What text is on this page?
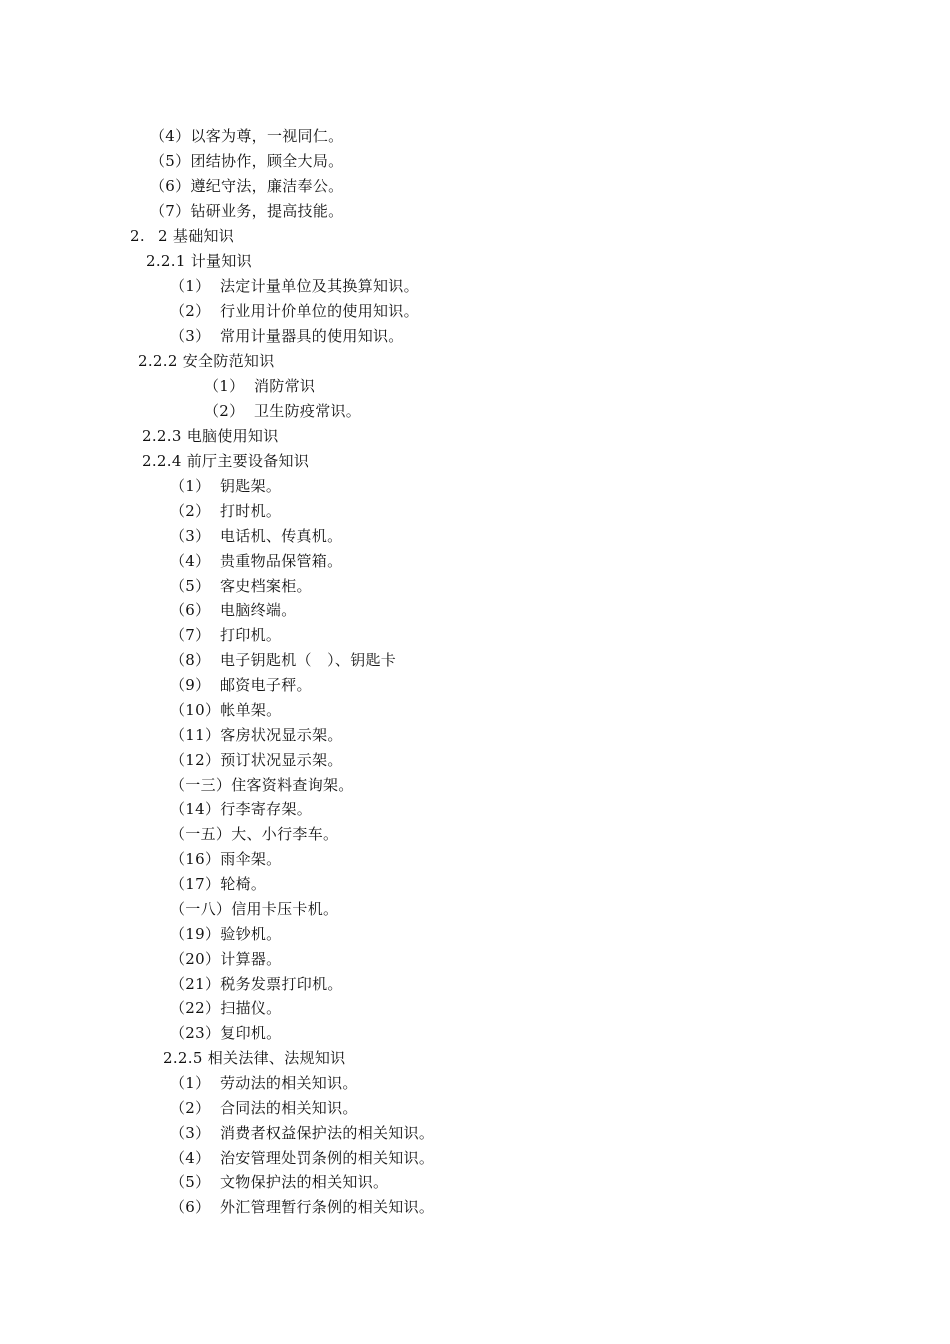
（4）以客为尊，一视同仁。
（5）团结协作，顾全大局。
（6）遵纪守法，廉洁奉公。
（7）钻研业务，提高技能。
2. 2 基础知识
2.2.1 计量知识
（1） 法定计量单位及其换算知识。
（2） 行业用计价单位的使用知识。
（3） 常用计量器具的使用知识。
2.2.2 安全防范知识
（1） 消防常识
（2） 卫生防疫常识。
2.2.3 电脑使用知识
2.2.4 前厅主要设备知识
（1） 钥匙架。
（2） 打时机。
（3） 电话机、传真机。
（4） 贵重物品保管箱。
（5） 客史档案柜。
（6） 电脑终端。
（7） 打印机。
（8） 电子钥匙机（　）、钥匙卡
（9） 邮资电子秤。
（10）帐单架。
（11）客房状况显示架。
（12）预订状况显示架。
（一三）住客资料查询架。
（14）行李寄存架。
（一五）大、小行李车。
（16）雨伞架。
（17）轮椅。
（一八）信用卡压卡机。
（19）验钞机。
（20）计算器。
（21）税务发票打印机。
（22）扫描仪。
（23）复印机。
2.2.5 相关法律、法规知识
（1） 劳动法的相关知识。
（2） 合同法的相关知识。
（3） 消费者权益保护法的相关知识。
（4） 治安管理处罚条例的相关知识。
（5） 文物保护法的相关知识。
（6） 外汇管理暂行条例的相关知识。
